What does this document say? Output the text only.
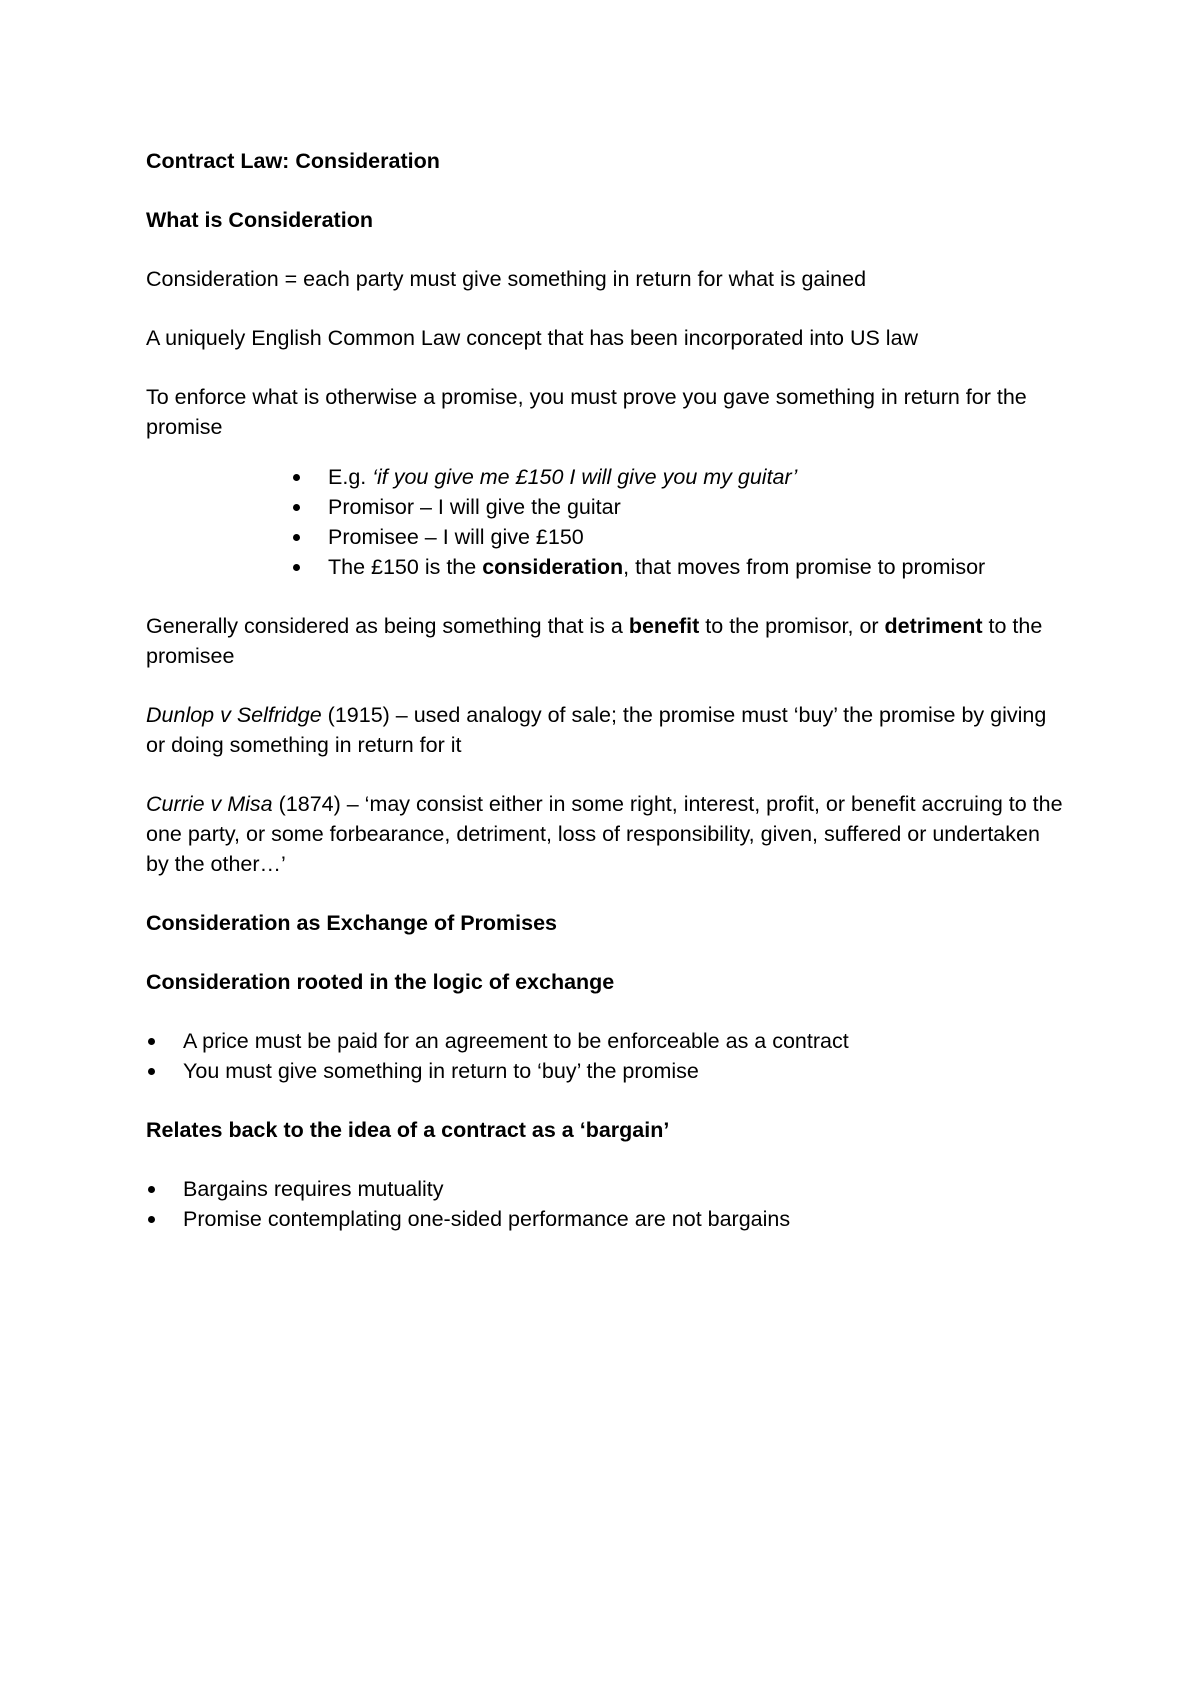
Contract Law: Consideration

What is Consideration

Consideration = each party must give something in return for what is gained

A uniquely English Common Law concept that has been incorporated into US law

To enforce what is otherwise a promise, you must prove you gave something in return for the promise

E.g. ‘if you give me £150 I will give you my guitar’
Promisor – I will give the guitar
Promisee – I will give £150
The £150 is the consideration, that moves from promise to promisor

Generally considered as being something that is a benefit to the promisor, or detriment to the promisee

Dunlop v Selfridge (1915) – used analogy of sale; the promise must ‘buy’ the promise by giving or doing something in return for it

Currie v Misa (1874) – ‘may consist either in some right, interest, profit, or benefit accruing to the one party, or some forbearance, detriment, loss of responsibility, given, suffered or undertaken by the other…’

Consideration as Exchange of Promises

Consideration rooted in the logic of exchange

A price must be paid for an agreement to be enforceable as a contract
You must give something in return to ‘buy’ the promise

Relates back to the idea of a contract as a ‘bargain’

Bargains requires mutuality
Promise contemplating one-sided performance are not bargains
